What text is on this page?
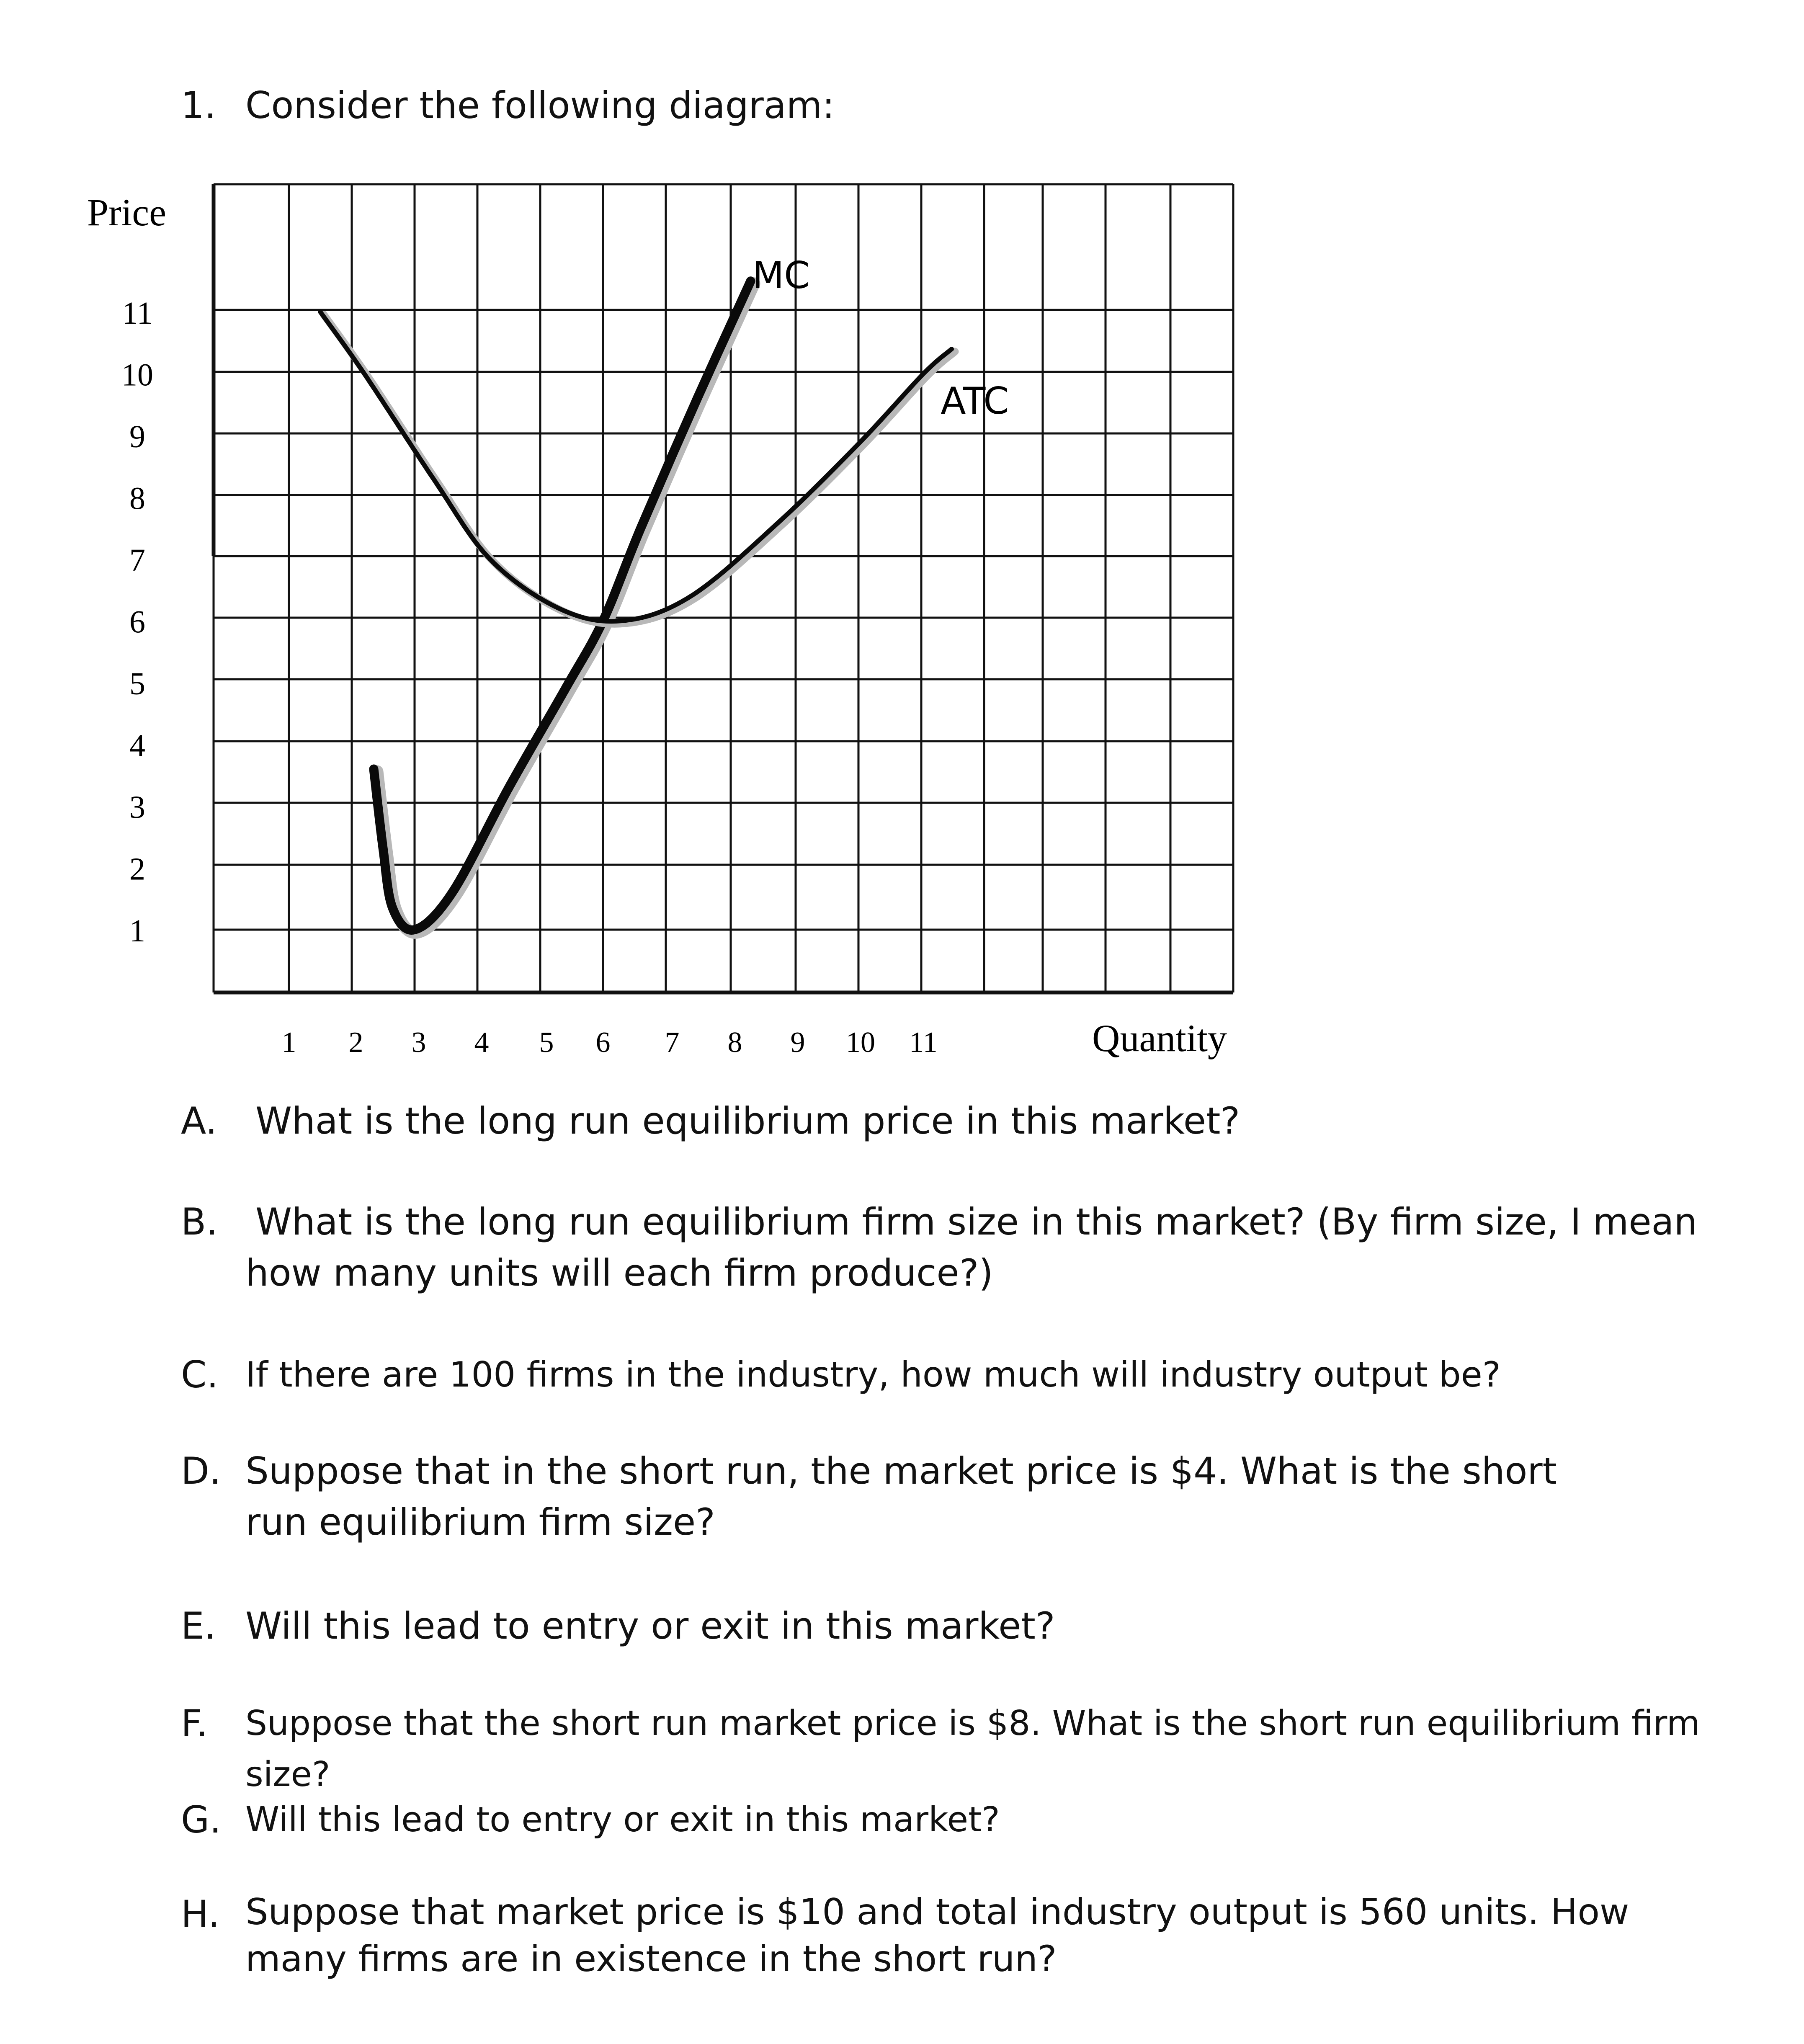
1. Consider the following diagram:
Price
Quantity
1
2
3
4
5
6
7
8
9
10
11
1 2 3 4 5 6 7 8 9 10 11
MC
ATC
A.	What is the long run equilibrium price in this market?
B.	What is the long run equilibrium firm size in this market? (By firm size, I mean how many units will each firm produce?)
C. If there are 100 firms in the industry, how much will industry output be?
D. Suppose that in the short run, the market price is $4. What is the short run equilibrium firm size?
E. Will this lead to entry or exit in this market?
F.	Suppose that the short run market price is $8. What is the short run equilibrium firm size?
G. Will this lead to entry or exit in this market?
H. Suppose that market price is $10 and total industry output is 560 units. How many firms are in existence in the short run?
